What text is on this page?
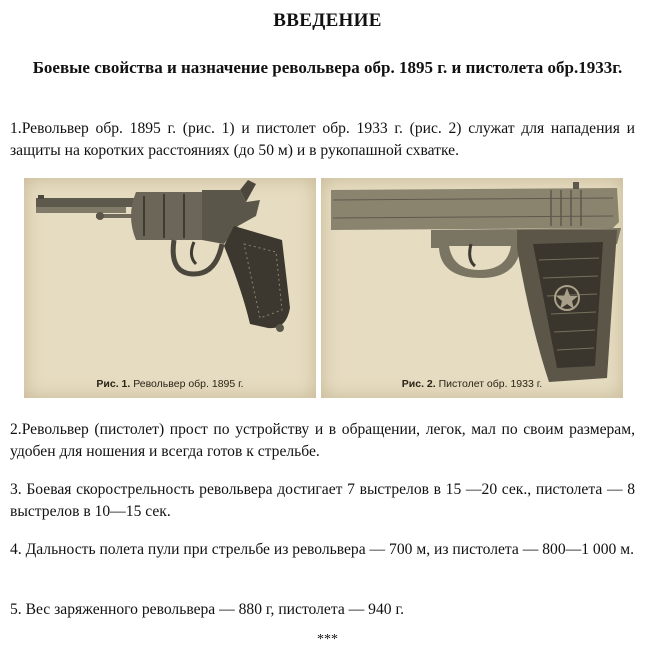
ВВЕДЕНИЕ
Боевые свойства и назначение револьвера обр. 1895 г. и пистолета обр.1933г.

1.Револьвер обр. 1895 г. (рис. 1) и пистолет обр. 1933 г. (рис. 2) служат для нападения и защиты на коротких расстояниях (до 50 м) и в рукопашной схватке.

Рис. 1. Револьвер обр. 1895 г.	Рис. 2. Пистолет обр. 1933 г.

2.Револьвер (пистолет) прост по устройству и в обращении, легок, мал по своим размерам, удобен для ношения и всегда готов к стрельбе.

3. Боевая скорострельность револьвера достигает 7 выстрелов в 15 —20 сек., пистолета — 8 выстрелов в 10—15 сек.

4. Дальность полета пули при стрельбе из револьвера — 700 м, из пистолета — 800—1 000 м.

5. Вес заряженного револьвера — 880 г, пистолета — 940 г.

***
